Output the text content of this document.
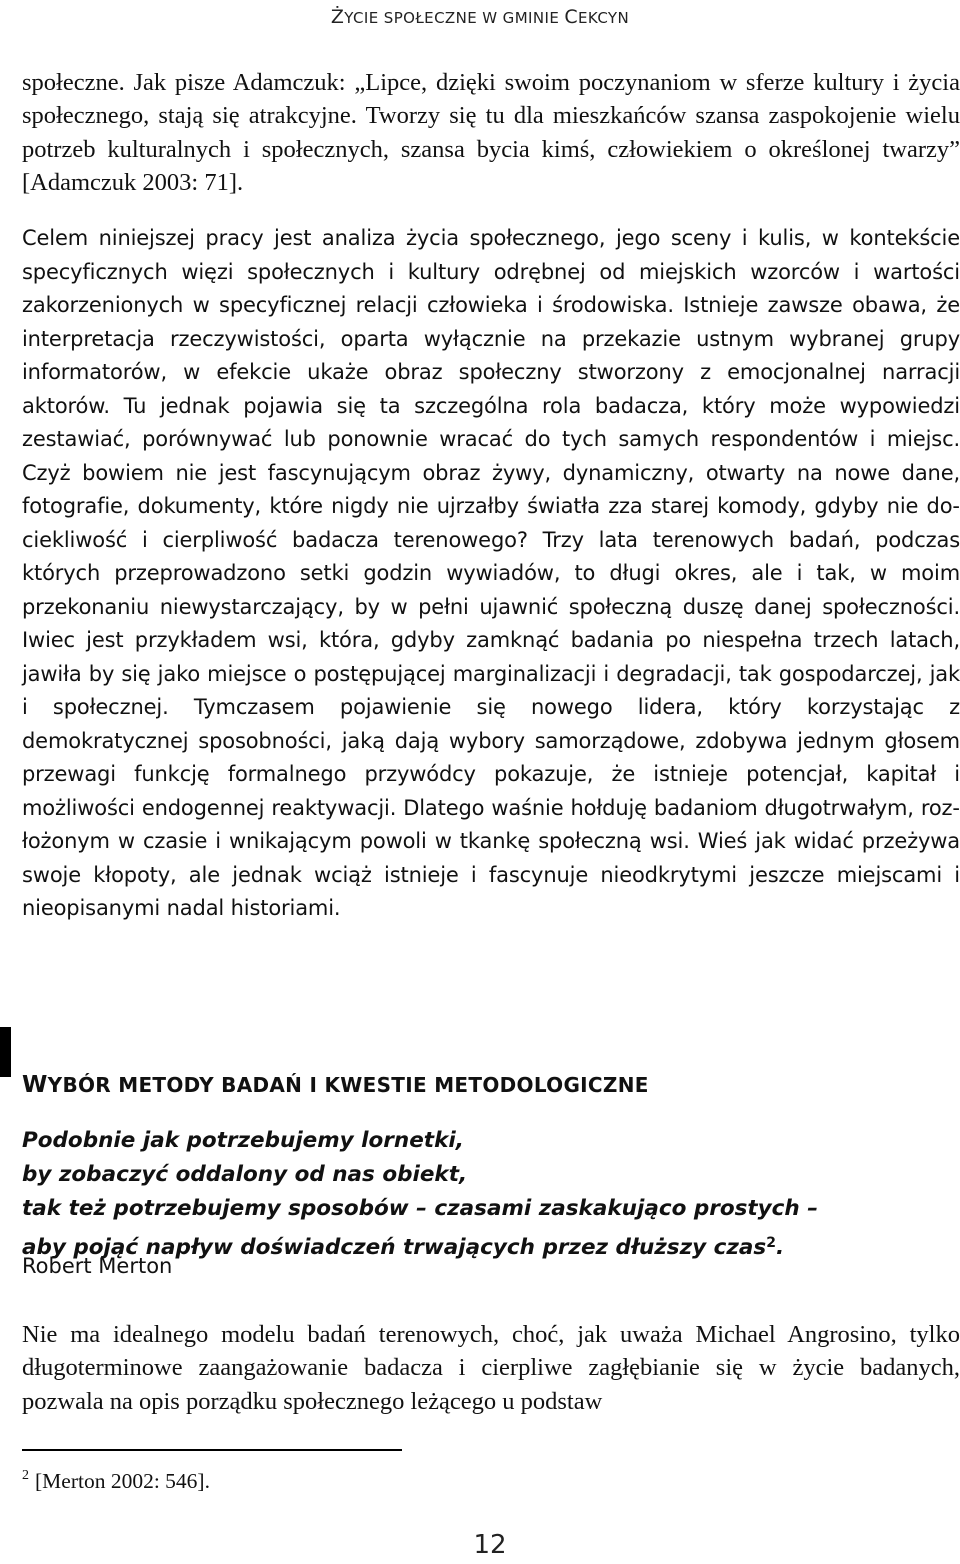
ŻYCIE SPOŁECZNE W GMINIE CEKCYN

społeczne. Jak pisze Adamczuk: „Lipce, dzięki swoim poczynaniom w sferze kultury i życia społecznego, stają się atrakcyjne. Tworzy się tu dla mieszkańców szansa zaspokojenie wielu potrzeb kulturalnych i społecznych, szansa bycia kimś, człowiekiem o określonej twarzy” [Adamczuk 2003: 71].

Celem niniejszej pracy jest analiza życia społecznego, jego sceny i kulis, w kontekście specyficznych więzi społecznych i kultury odrębnej od miejskich wzorców i wartości zakorzenionych w specyficznej relacji człowieka i środowiska. Istnieje zawsze obawa, że interpretacja rzeczywistości, oparta wyłącznie na przekazie ustnym wybranej grupy informatorów, w efekcie ukaże obraz społeczny stworzony z emocjonalnej narracji aktorów. Tu jednak pojawia się ta szczególna rola badacza, który może wypowiedzi zestawiać, porównywać lub ponownie wracać do tych samych respondentów i miejsc. Czyż bowiem nie jest fascynującym obraz żywy, dynamiczny, otwarty na nowe dane, fotografie, dokumenty, które nigdy nie ujrzałby światła zza starej komody, gdyby nie dociekliwość i cierpliwość badacza terenowego? Trzy lata terenowych badań, podczas których przeprowadzono setki godzin wywiadów, to długi okres, ale i tak, w moim przekonaniu niewystarczający, by w pełni ujawnić społeczną duszę danej społeczności. Iwiec jest przykładem wsi, która, gdyby zamknąć badania po niespełna trzech latach, jawiła by się jako miejsce o postępującej marginalizacji i degradacji, tak gospodarczej, jak i społecznej. Tymczasem pojawienie się nowego lidera, który korzystając z demokratycznej sposobności, jaką dają wybory samorządowe, zdobywa jednym głosem przewagi funkcję formalnego przywódcy pokazuje, że istnieje potencjał, kapitał i możliwości endogennej reaktywacji. Dlatego waśnie hołduję badaniom długotrwałym, rozłożonym w czasie i wnikającym powoli w tkankę społeczną wsi. Wieś jak widać przeżywa swoje kłopoty, ale jednak wciąż istnieje i fascynuje nieodkrytymi jeszcze miejscami i nieopisanymi nadal historiami.

WYBÓR METODY BADAŃ I KWESTIE METODOLOGICZNE
Podobnie jak potrzebujemy lornetki,
by zobaczyć oddalony od nas obiekt,
tak też potrzebujemy sposobów – czasami zaskakująco prostych –
aby pojąć napływ doświadczeń trwających przez dłuższy czas$^2$.
Robert Merton

Nie ma idealnego modelu badań terenowych, choć, jak uważa Michael Angrosino, tylko długoterminowe zaangażowanie badacza i cierpliwe zagłębianie się w życie badanych, pozwala na opis porządku społecznego leżącego u podstaw

$^2$ [Merton 2002: 546].
12
